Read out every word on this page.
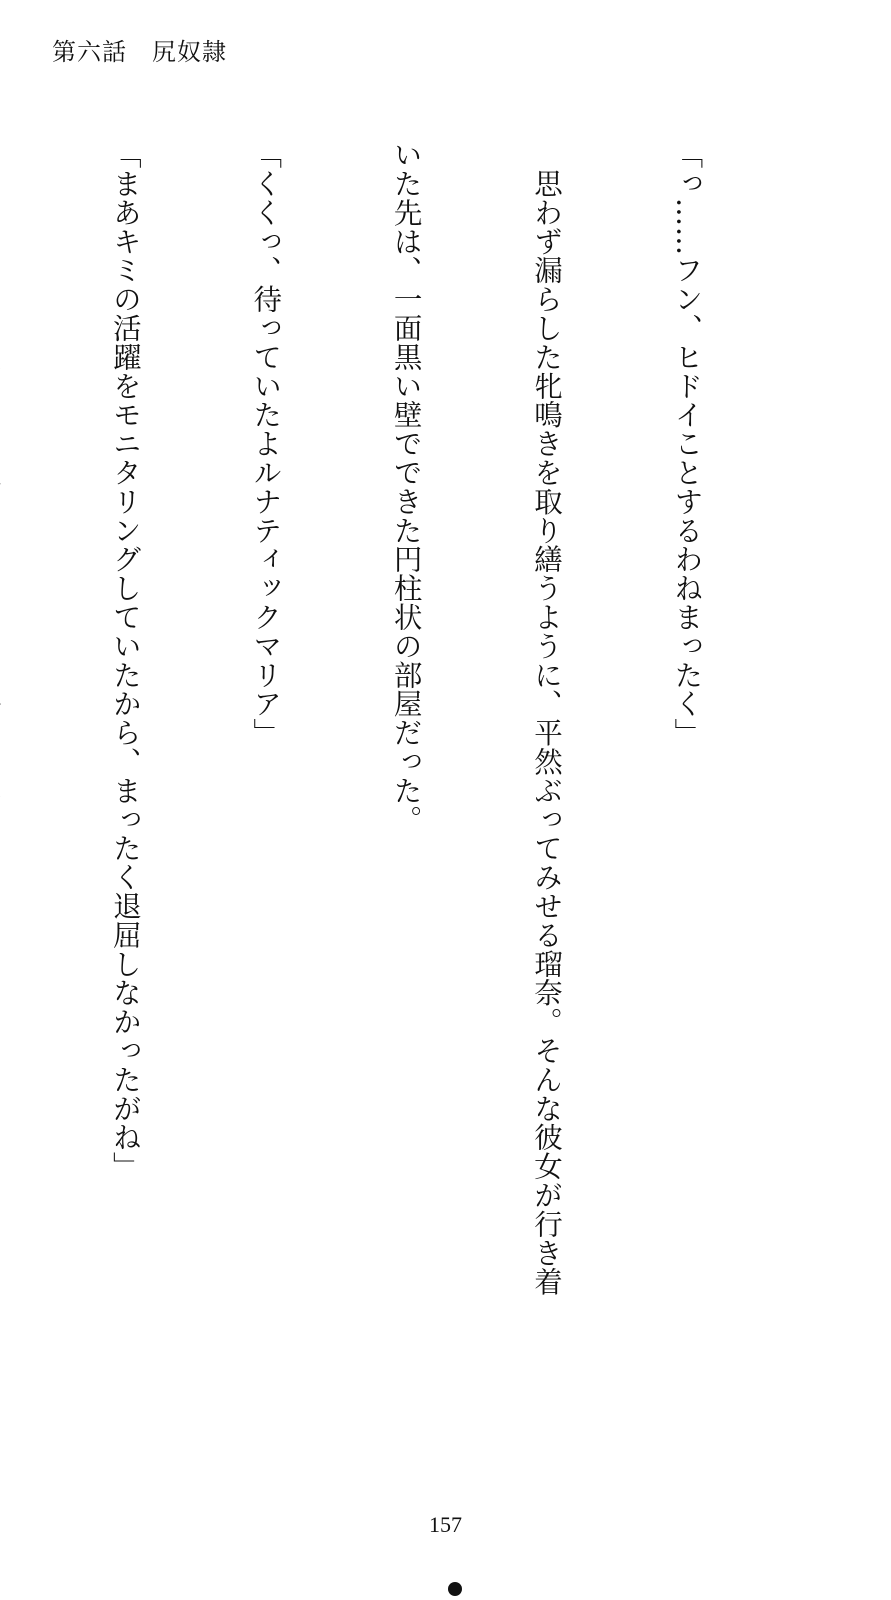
第六話　尻奴隷

「っ……フン、ヒドイことするわねまったく」

　思わず漏らした牝鳴きを取り繕うように、平然ぶってみせる瑠奈。そんな彼女が行き着

いた先は、一面黒い壁でできた円柱状の部屋だった。

「くくっ、待っていたよルナティックマリア」

「まあキミの活躍をモニタリングしていたから、まったく退屈しなかったがね」

157
